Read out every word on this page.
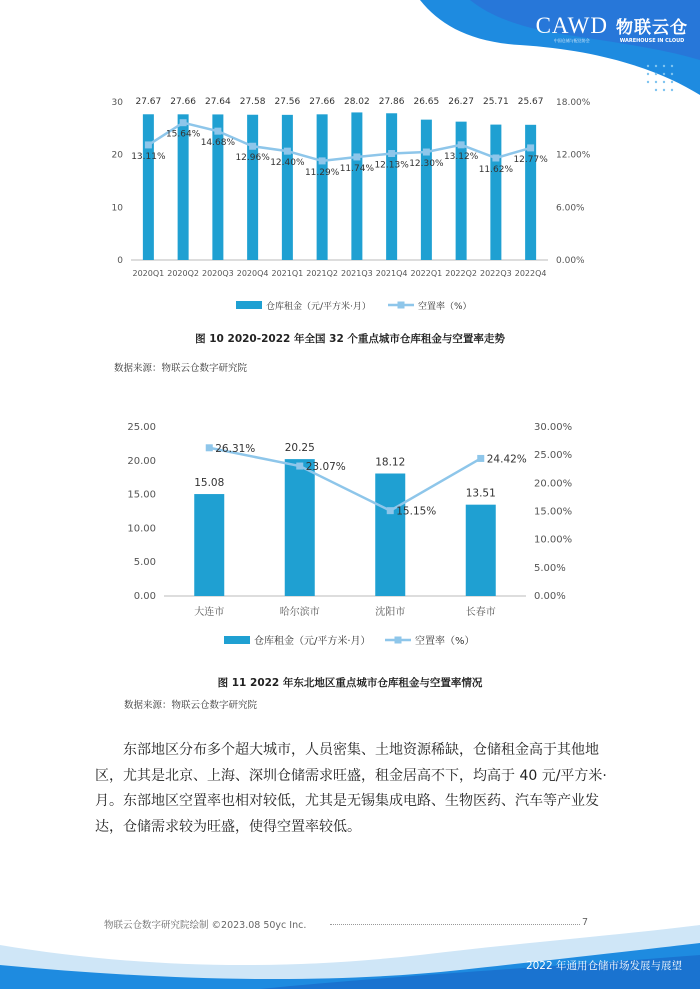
CAWD
中国仓储与配送协会
物联云仓
WAREHOUSE IN CLOUD
0
10
20
30
0.00%
6.00%
12.00%
18.00%
27.67
2020Q1
27.66
2020Q2
27.64
2020Q3
27.58
2020Q4
27.56
2021Q1
27.66
2021Q2
28.02
2021Q3
27.86
2021Q4
26.65
2022Q1
26.27
2022Q2
25.71
2022Q3
25.67
2022Q4
13.11%
15.64%
14.68%
12.96% 12.40%
11.29% 11.74% 12.13% 12.30%
13.12%
11.62%
12.77%
仓库租金（元/平方米·月）	空置率（%）
图 10 2020-2022 年全国 32 个重点城市仓库租金与空置率走势
数据来源：物联云仓数字研究院
0.00
5.00
10.00
15.00
20.00
25.00
0.00%
5.00%
10.00%
15.00%
20.00%
25.00%
30.00%
15.08
大连市
20.25
哈尔滨市
18.12
沈阳市
13.51
长春市
26.31%
23.07%
15.15%
24.42%
仓库租金（元/平方米·月）	空置率（%）
图 11 2022 年东北地区重点城市仓库租金与空置率情况
数据来源：物联云仓数字研究院

东部地区分布多个超大城市，人员密集、土地资源稀缺，仓储租金高于其他地区，尤其是北京、上海、深圳仓储需求旺盛，租金居高不下，均高于 40 元/平方米·月。东部地区空置率也相对较低，尤其是无锡集成电路、生物医药、汽车等产业发达，仓储需求较为旺盛，使得空置率较低。

物联云仓数字研究院绘制 ©2023.08 50yc Inc.	7
2022 年通用仓储市场发展与展望
